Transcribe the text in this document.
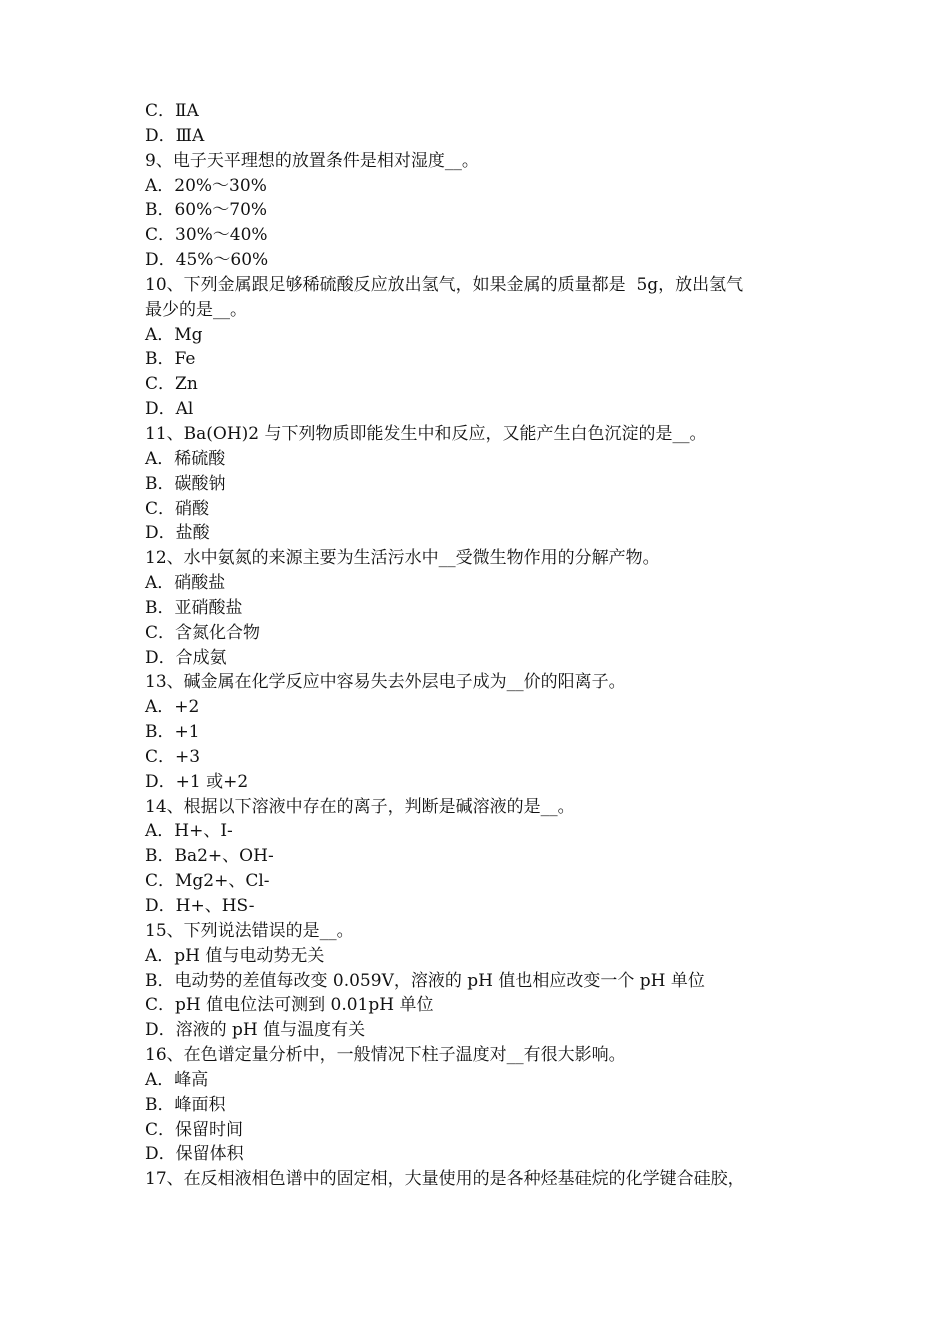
C．ⅡA
D．ⅢA
9、电子天平理想的放置条件是相对湿度__。
A．20%～30%
B．60%～70%
C．30%～40%
D．45%～60%
10、下列金属跟足够稀硫酸反应放出氢气，如果金属的质量都是  5g，放出氢气
最少的是__。
A．Mg
B．Fe
C．Zn
D．Al
11、Ba(OH)2 与下列物质即能发生中和反应，又能产生白色沉淀的是__。
A．稀硫酸
B．碳酸钠
C．硝酸
D．盐酸
12、水中氨氮的来源主要为生活污水中__受微生物作用的分解产物。
A．硝酸盐
B．亚硝酸盐
C．含氮化合物
D．合成氨
13、碱金属在化学反应中容易失去外层电子成为__价的阳离子。
A．+2
B．+1
C．+3
D．+1 或+2
14、根据以下溶液中存在的离子，判断是碱溶液的是__。
A．H+、I-
B．Ba2+、OH-
C．Mg2+、Cl-
D．H+、HS-
15、下列说法错误的是__。
A．pH 值与电动势无关
B．电动势的差值每改变 0.059V，溶液的 pH 值也相应改变一个 pH 单位
C．pH 值电位法可测到 0.01pH 单位
D．溶液的 pH 值与温度有关
16、在色谱定量分析中，一般情况下柱子温度对__有很大影响。
A．峰高
B．峰面积
C．保留时间
D．保留体积
17、在反相液相色谱中的固定相，大量使用的是各种烃基硅烷的化学键合硅胶，
